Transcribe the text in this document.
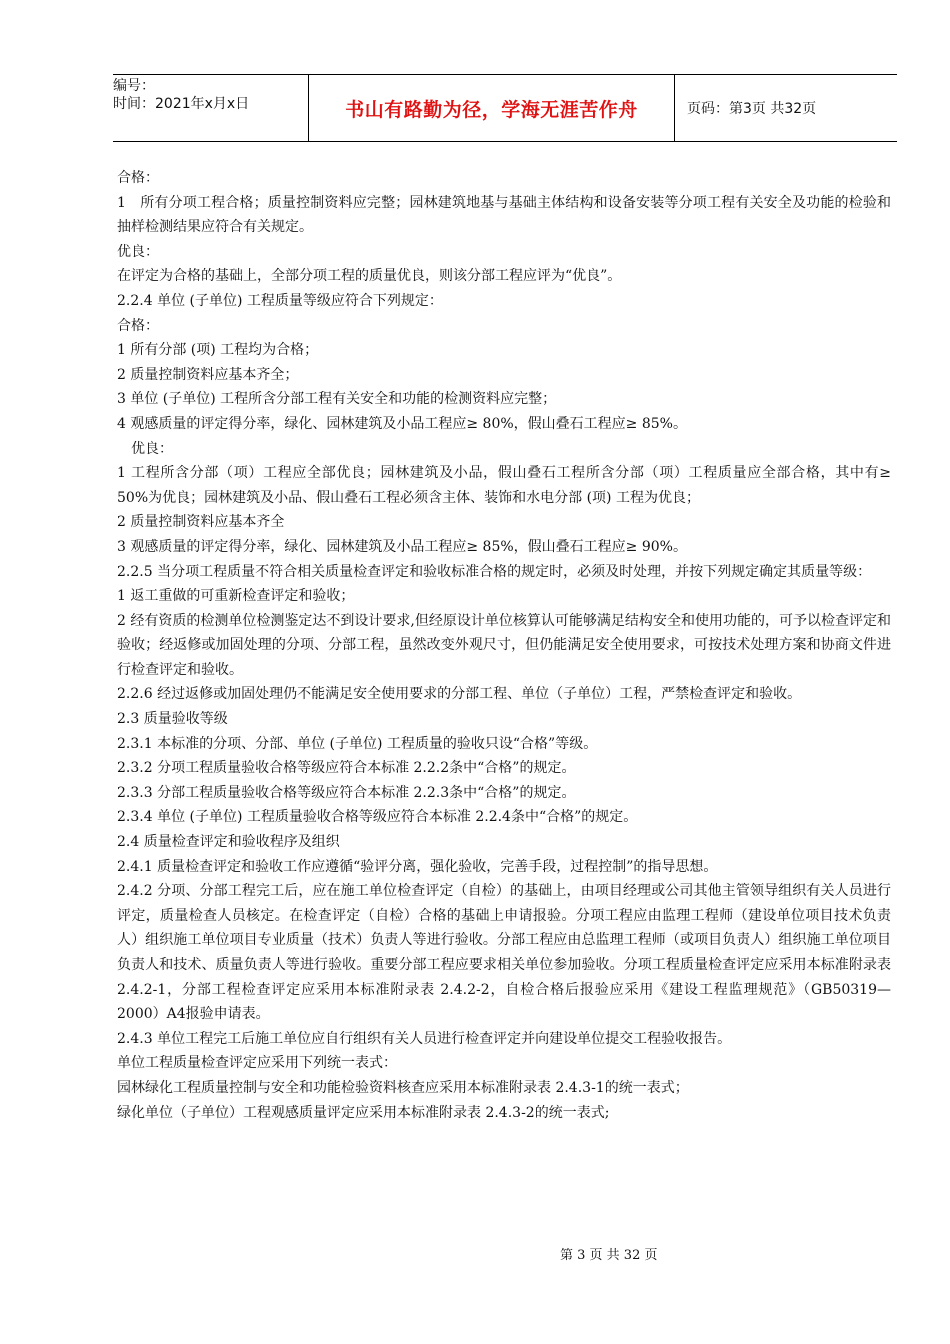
编号：
时间：2021年x月x日	书山有路勤为径，学海无涯苦作舟	页码：第3页 共32页

合格：

1　所有分项工程合格；质量控制资料应完整；园林建筑地基与基础主体结构和设备安装等分项工程有关安全及功能的检验和抽样检测结果应符合有关规定。

优良：

在评定为合格的基础上，全部分项工程的质量优良，则该分部工程应评为“优良”。

2.2.4 单位 (子单位) 工程质量等级应符合下列规定：

合格：

1 所有分部 (项) 工程均为合格；

2 质量控制资料应基本齐全；

3 单位 (子单位) 工程所含分部工程有关安全和功能的检测资料应完整；

4 观感质量的评定得分率，绿化、园林建筑及小品工程应≥ 80%，假山叠石工程应≥ 85%。

　优良：

1 工程所含分部（项）工程应全部优良；园林建筑及小品，假山叠石工程所含分部（项）工程质量应全部合格，其中有≥ 50%为优良；园林建筑及小品、假山叠石工程必须含主体、装饰和水电分部 (项) 工程为优良；

2 质量控制资料应基本齐全

3 观感质量的评定得分率，绿化、园林建筑及小品工程应≥ 85%，假山叠石工程应≥ 90%。

2.2.5 当分项工程质量不符合相关质量检查评定和验收标准合格的规定时，必须及时处理，并按下列规定确定其质量等级：

1 返工重做的可重新检查评定和验收；

2 经有资质的检测单位检测鉴定达不到设计要求,但经原设计单位核算认可能够满足结构安全和使用功能的，可予以检查评定和验收；经返修或加固处理的分项、分部工程，虽然改变外观尺寸，但仍能满足安全使用要求，可按技术处理方案和协商文件进行检查评定和验收。

2.2.6 经过返修或加固处理仍不能满足安全使用要求的分部工程、单位（子单位）工程，严禁检查评定和验收。

2.3 质量验收等级

2.3.1 本标准的分项、分部、单位 (子单位) 工程质量的验收只设“合格”等级。

2.3.2 分项工程质量验收合格等级应符合本标准 2.2.2条中“合格”的规定。

2.3.3 分部工程质量验收合格等级应符合本标准 2.2.3条中“合格”的规定。

2.3.4 单位 (子单位) 工程质量验收合格等级应符合本标准 2.2.4条中“合格”的规定。

2.4 质量检查评定和验收程序及组织

2.4.1 质量检查评定和验收工作应遵循“验评分离，强化验收，完善手段，过程控制”的指导思想。

2.4.2 分项、分部工程完工后，应在施工单位检查评定（自检）的基础上，由项目经理或公司其他主管领导组织有关人员进行评定，质量检查人员核定。在检查评定（自检）合格的基础上申请报验。分项工程应由监理工程师（建设单位项目技术负责人）组织施工单位项目专业质量（技术）负责人等进行验收。分部工程应由总监理工程师（或项目负责人）组织施工单位项目负责人和技术、质量负责人等进行验收。重要分部工程应要求相关单位参加验收。分项工程质量检查评定应采用本标准附录表 2.4.2-1，分部工程检查评定应采用本标准附录表 2.4.2-2，自检合格后报验应采用《建设工程监理规范》（GB50319—2000）A4报验申请表。

2.4.3 单位工程完工后施工单位应自行组织有关人员进行检查评定并向建设单位提交工程验收报告。

单位工程质量检查评定应采用下列统一表式：

园林绿化工程质量控制与安全和功能检验资料核查应采用本标准附录表 2.4.3-1的统一表式；

绿化单位（子单位）工程观感质量评定应采用本标准附录表 2.4.3-2的统一表式;

第 3 页 共 32 页
